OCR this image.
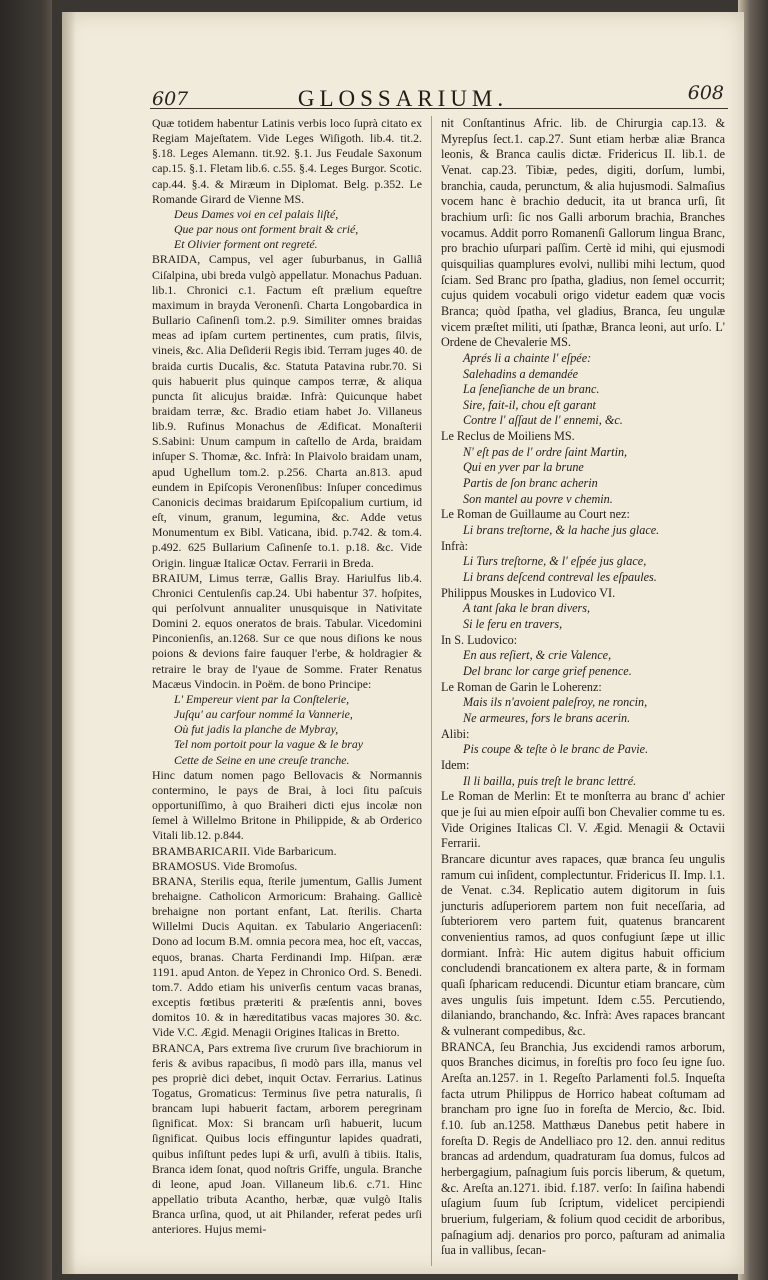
607	GLOSSARIUM.	608

Quæ totidem habentur Latinis verbis loco ſuprà citato ex Regiam Majeſtatem. Vide Leges Wiſigoth. lib.4. tit.2. §.18. Leges Alemann. tit.92. §.1. Jus Feudale Saxonum cap.15. §.1. Fletam lib.6. c.55. §.4. Leges Burgor. Scotic. cap.44. §.4. & Miræum in Diplomat. Belg. p.352. Le Romande Girard de Vienne MS.

Deus Dames voi en cel palais liſté,

Que par nous ont forment brait & crié,

Et Olivier forment ont regreté.

BRAIDA, Campus, vel ager ſuburbanus, in Galliâ Ciſalpina, ubi breda vulgò appellatur. Monachus Paduan. lib.1. Chronici c.1. Factum eſt prælium equeſtre maximum in brayda Veronenſi. Charta Longobardica in Bullario Caſinenſi tom.2. p.9. Similiter omnes braidas meas ad ipſam curtem pertinentes, cum pratis, ſilvis, vineis, &c. Alia Deſiderii Regis ibid. Terram juges 40. de braida curtis Ducalis, &c. Statuta Patavina rubr.70. Si quis habuerit plus quinque campos terræ, & aliqua puncta ſit alicujus braidæ. Infrà: Quicunque habet braidam terræ, &c. Bradio etiam habet Jo. Villaneus lib.9. Rufinus Monachus de Ædificat. Monaſterii S.Sabini: Unum campum in caſtello de Arda, braidam inſuper S. Thomæ, &c. Infrà: In Plaivolo braidam unam, apud Ughellum tom.2. p.256. Charta an.813. apud eundem in Epiſcopis Veronenſibus: Inſuper concedimus Canonicis decimas braidarum Epiſcopalium curtium, id eſt, vinum, granum, legumina, &c. Adde vetus Monumentum ex Bibl. Vaticana, ibid. p.742. & tom.4. p.492. 625 Bullarium Caſinenſe to.1. p.18. &c. Vide Origin. linguæ Italicæ Octav. Ferrarii in Breda.

BRAIUM, Limus terræ, Gallis Bray. Hariulfus lib.4. Chronici Centulenſis cap.24. Ubi habentur 37. hoſpites, qui perſolvunt annualiter unusquisque in Nativitate Domini 2. equos oneratos de brais. Tabular. Vicedomini Pinconienſis, an.1268. Sur ce que nous diſions ke nous poions & devions faire fauquer l'erbe, & holdragier & retraire le bray de l'yaue de Somme. Frater Renatus Macæus Vindocin. in Poëm. de bono Principe:

L' Empereur vient par la Conſtelerie,

Juſqu' au carfour nommé la Vannerie,

Où fut jadis la planche de Mybray,

Tel nom portoit pour la vague & le bray

Cette de Seine en une creuſe tranche.

Hinc datum nomen pago Bellovacis & Normannis contermino, le pays de Brai, à loci ſitu paſcuis opportuniſſimo, à quo Braiheri dicti ejus incolæ non ſemel à Willelmo Britone in Philippide, & ab Orderico Vitali lib.12. p.844.

BRAMBARICARII. Vide Barbaricum.

BRAMOSUS. Vide Bromoſus.

BRANA, Sterilis equa, ſterile jumentum, Gallis Jument brehaigne. Catholicon Armoricum: Brahaing. Gallicè brehaigne non portant enfant, Lat. ſterilis. Charta Willelmi Ducis Aquitan. ex Tabulario Angeriacenſi: Dono ad locum B.M. omnia pecora mea, hoc eſt, vaccas, equos, branas. Charta Ferdinandi Imp. Hiſpan. æræ 1191. apud Anton. de Yepez in Chronico Ord. S. Benedi. tom.7. Addo etiam his univerſis centum vacas branas, exceptis fœtibus præteriti & præſentis anni, boves domitos 10. & in hæreditatibus vacas majores 30. &c. Vide V.C. Ægid. Menagii Origines Italicas in Bretto.

BRANCA, Pars extrema ſive crurum ſive brachiorum in feris & avibus rapacibus, ſi modò pars illa, manus vel pes propriè dici debet, inquit Octav. Ferrarius. Latinus Togatus, Gromaticus: Terminus ſive petra naturalis, ſi brancam lupi habuerit factam, arborem peregrinam ſignificat. Mox: Si brancam urſi habuerit, lucum ſignificat. Quibus locis effinguntur lapides quadrati, quibus inſiſtunt pedes lupi & urſi, avulſi à tibiis. Italis, Branca idem ſonat, quod noſtris Griffe, ungula. Branche di leone, apud Joan. Villaneum lib.6. c.71. Hinc appellatio tributa Acantho, herbæ, quæ vulgò Italis Branca urſina, quod, ut ait Philander, referat pedes urſi anteriores. Hujus memi-

nit Conſtantinus Afric. lib. de Chirurgia cap.13. & Myrepſus ſect.1. cap.27. Sunt etiam herbæ aliæ Branca leonis, & Branca caulis dictæ. Fridericus II. lib.1. de Venat. cap.23. Tibiæ, pedes, digiti, dorſum, lumbi, branchia, cauda, perunctum, & alia hujusmodi. Salmaſius vocem hanc è brachio deducit, ita ut branca urſi, ſit brachium urſi: ſic nos Galli arborum brachia, Branches vocamus. Addit porro Romanenſi Gallorum lingua Branc, pro brachio uſurpari paſſim. Certè id mihi, qui ejusmodi quisquilias quamplures evolvi, nullibi mihi lectum, quod ſciam. Sed Branc pro ſpatha, gladius, non ſemel occurrit; cujus quidem vocabuli origo videtur eadem quæ vocis Branca; quòd ſpatha, vel gladius, Branca, ſeu ungulæ vicem præſtet militi, uti ſpathæ, Branca leoni, aut urſo. L' Ordene de Chevalerie MS.

Aprés li a chainte l' eſpée:

Salehadins a demandée

La ſeneſianche de un branc.

Sire, fait-il, chou eſt garant

Contre l' aſſaut de l' ennemi, &c.

Le Reclus de Moiliens MS.

N' eſt pas de l' ordre ſaint Martin,

Qui en yver par la brune

Partis de ſon branc acherin

Son mantel au povre v chemin.

Le Roman de Guillaume au Court nez:

Li brans treſtorne, & la hache jus glace.

Infrà:

Li Turs treſtorne, & l' eſpée jus glace,

Li brans deſcend contreval les eſpaules.

Philippus Mouskes in Ludovico VI.

A tant ſaka le bran divers,

Si le feru en travers,

In S. Ludovico:

En aus reſiert, & crie Valence,

Del branc lor carge grief penence.

Le Roman de Garin le Loherenz:

Mais ils n'avoient paleſroy, ne roncin,

Ne armeures, fors le brans acerin.

Alibi:

Pis coupe & teſte ò le branc de Pavie.

Idem:

Il li bailla, puis treſt le branc lettré.

Le Roman de Merlin: Et te monſterra au branc d' achier que je ſui au mien eſpoir auſſi bon Chevalier comme tu es. Vide Origines Italicas Cl. V. Ægid. Menagii & Octavii Ferrarii.

Brancare dicuntur aves rapaces, quæ branca ſeu ungulis ramum cui inſident, complectuntur. Fridericus II. Imp. l.1. de Venat. c.34. Replicatio autem digitorum in ſuis juncturis adſuperiorem partem non fuit neceſſaria, ad ſubteriorem vero partem fuit, quatenus brancarent convenientius ramos, ad quos confugiunt ſæpe ut illic dormiant. Infrà: Hic autem digitus habuit officium concludendi brancationem ex altera parte, & in formam quaſi ſpharicam reducendi. Dicuntur etiam brancare, cùm aves ungulis ſuis impetunt. Idem c.55. Percutiendo, dilaniando, branchando, &c. Infrà: Aves rapaces brancant & vulnerant compedibus, &c.

BRANCA, ſeu Branchia, Jus excidendi ramos arborum, quos Branches dicimus, in foreſtis pro foco ſeu igne ſuo. Areſta an.1257. in 1. Regeſto Parlamenti fol.5. Inqueſta facta utrum Philippus de Horrico habeat coſtumam ad brancham pro igne ſuo in foreſta de Mercio, &c. Ibid. f.10. ſub an.1258. Matthæus Danebus petit habere in foreſta D. Regis de Andelliaco pro 12. den. annui reditus brancas ad ardendum, quadraturam ſua domus, fulcos ad herbergagium, paſnagium ſuis porcis liberum, & quetum, &c. Areſta an.1271. ibid. f.187. verſo: In ſaiſina habendi uſagium ſuum ſub ſcriptum, videlicet percipiendi bruerium, fulgeriam, & folium quod cecidit de arboribus, paſnagium adj. denarios pro porco, paſturam ad animalia ſua in vallibus, ſecan-
